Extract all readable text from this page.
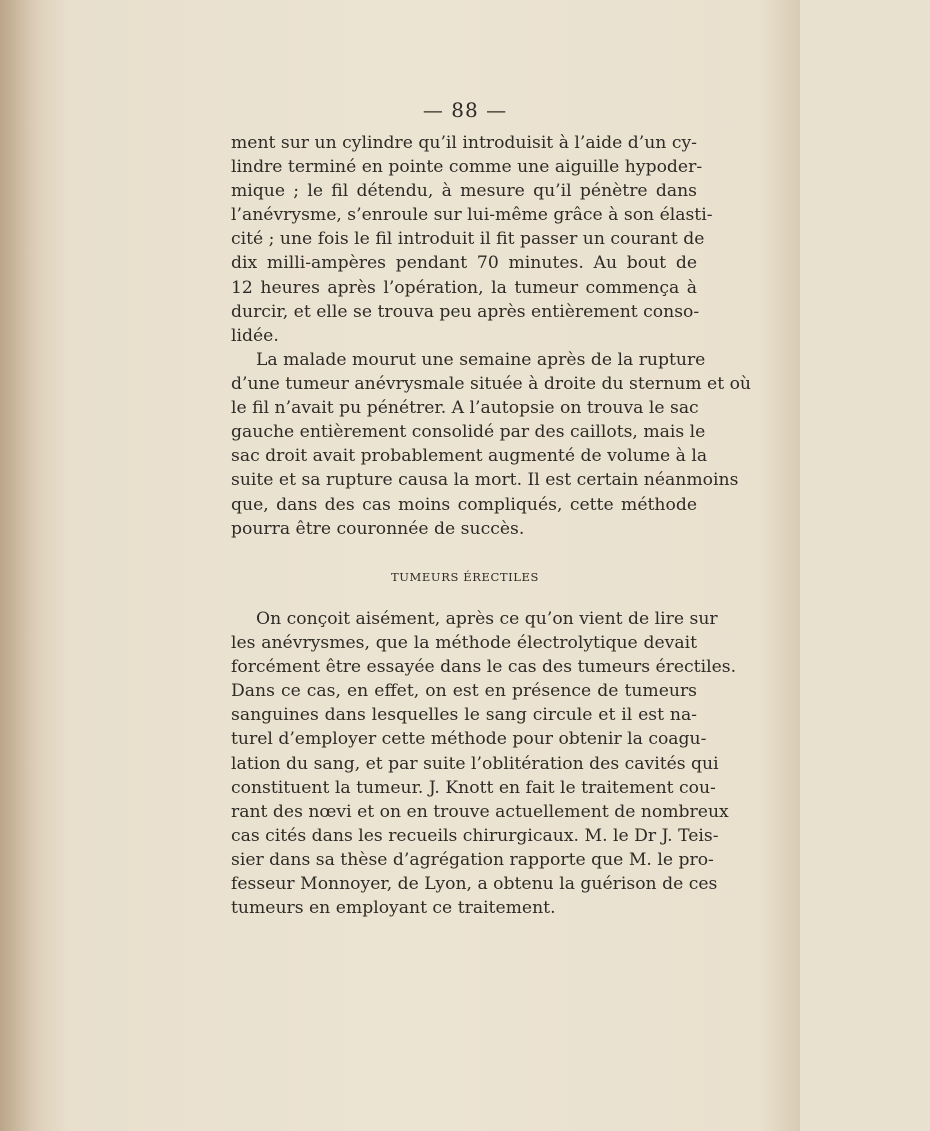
— 88 —

ment sur un cylindre qu’il introduisit à l’aide d’un cy-

lindre terminé en pointe comme une aiguille hypoder-

mique ; le fil détendu, à mesure qu’il pénètre dans

l’anévrysme, s’enroule sur lui-même grâce à son élasti-

cité ; une fois le fil introduit il fit passer un courant de

dix milli-ampères pendant 70 minutes. Au bout de

12 heures après l’opération, la tumeur commença à

durcir, et elle se trouva peu après entièrement conso-

lidée.

La malade mourut une semaine après de la rupture

d’une tumeur anévrysmale située à droite du sternum et où

le fil n’avait pu pénétrer. A l’autopsie on trouva le sac

gauche entièrement consolidé par des caillots, mais le

sac droit avait probablement augmenté de volume à la

suite et sa rupture causa la mort. Il est certain néanmoins

que, dans des cas moins compliqués, cette méthode

pourra être couronnée de succès.

TUMEURS ÉRECTILES

On conçoit aisément, après ce qu’on vient de lire sur

les anévrysmes, que la méthode électrolytique devait

forcément être essayée dans le cas des tumeurs érectiles.

Dans ce cas, en effet, on est en présence de tumeurs

sanguines dans lesquelles le sang circule et il est na-

turel d’employer cette méthode pour obtenir la coagu-

lation du sang, et par suite l’oblitération des cavités qui

constituent la tumeur. J. Knott en fait le traitement cou-

rant des nœvi et on en trouve actuellement de nombreux

cas cités dans les recueils chirurgicaux. M. le Dr J. Teis-

sier dans sa thèse d’agrégation rapporte que M. le pro-

fesseur Monnoyer, de Lyon, a obtenu la guérison de ces

tumeurs en employant ce traitement.
